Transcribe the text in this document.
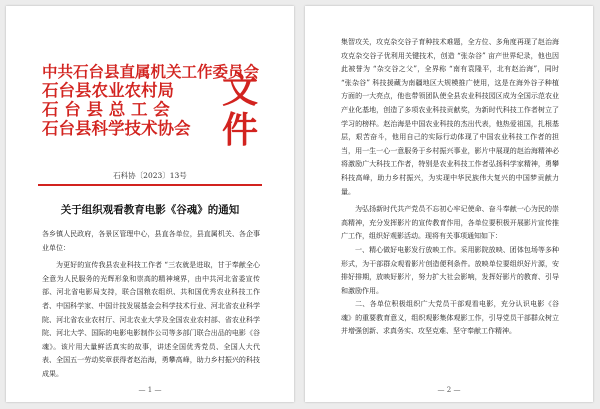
中共石台县直属机关工作委员会
石台县农业农村局
石 台 县 总 工 会
石台县科学技术协会
文件
石科协〔2023〕13号
关于组织观看教育电影《谷魂》的通知

各乡镇人民政府，各景区管理中心，县直各单位，县直属机关、各企事业单位：

为更好的宣传我县农业科技工作者 “三农就是进取，甘于奉献全心全意为人民服务的光辉形象和崇高的精神境界，由中共河北省委宣传部、河北省电影局支持，联合国粮农组织、共和国优秀农业科技工作者、中国科学家、中国计技发展基金会科学技术行业、河北省农业科学院、河北省农业农村厅、河北农业大学及全国农业农村部、省农业科学院、河北大学、国际的电影电影制作公司等多部门联合出品的电影《谷魂》。该片用大量鲜活真实的故事，讲述全国优秀党员、全国人大代表、全国五一劳动奖章获得者赵治海，勇攀高峰，助力乡村振兴的科技成果。

— 1 —

集智攻关，攻克杂交谷子育种技术难题，全方位、多角度再现了赵治海攻克杂交谷子优利用关键技术，创造 “张杂谷” 亩产世界纪录，他也因此被誉为 “杂交谷之父”，全界称 “南有袁隆平，北有赵治海”，同时 “张杂谷” 科技援藏为南疆地区大规模推广使用，这是在海外谷子种植方面的一大亮点，他也带领团队使全县农业科技园区成为全国示范农业产业化基地，创造了多项农业科技贡献奖，为新时代科技工作者树立了学习的榜样。赵治海是中国农业科技的杰出代表，他热爱祖国，扎根基层，艰苦奋斗，他用自己的实际行动体现了中国农业科技工作者的担当，用一生一心一意服务于乡村振兴事业，影片中展现的赵治海精神必将激励广大科技工作者，特别是农业科技工作者弘扬科学家精神，勇攀科技高峰，助力乡村振兴，为实现中华民族伟大复兴的中国梦贡献力量。

为弘扬新时代共产党员不忘初心牢记使命、奋斗奉献一心为民的崇高精神，充分发挥影片的宣传教育作用，各单位要积极开展影片宣传推广工作，组织好观影活动。现将有关事项通知如下：

一、精心做好电影发行放映工作。采用影院放映、团体包场等多种形式，为干部群众观看影片创造便利条件。放映单位要组织好片源，安排好排期，放映好影片，努力扩大社会影响，发挥好影片的教育、引导和激励作用。

二、各单位积极组织广大党员干部观看电影，充分认识电影《谷魂》的重要教育意义，组织观影集体观影工作，引导党员干部群众树立并增强创新、求真务实、攻坚克难、坚守奉献工作精神。

— 2 —
